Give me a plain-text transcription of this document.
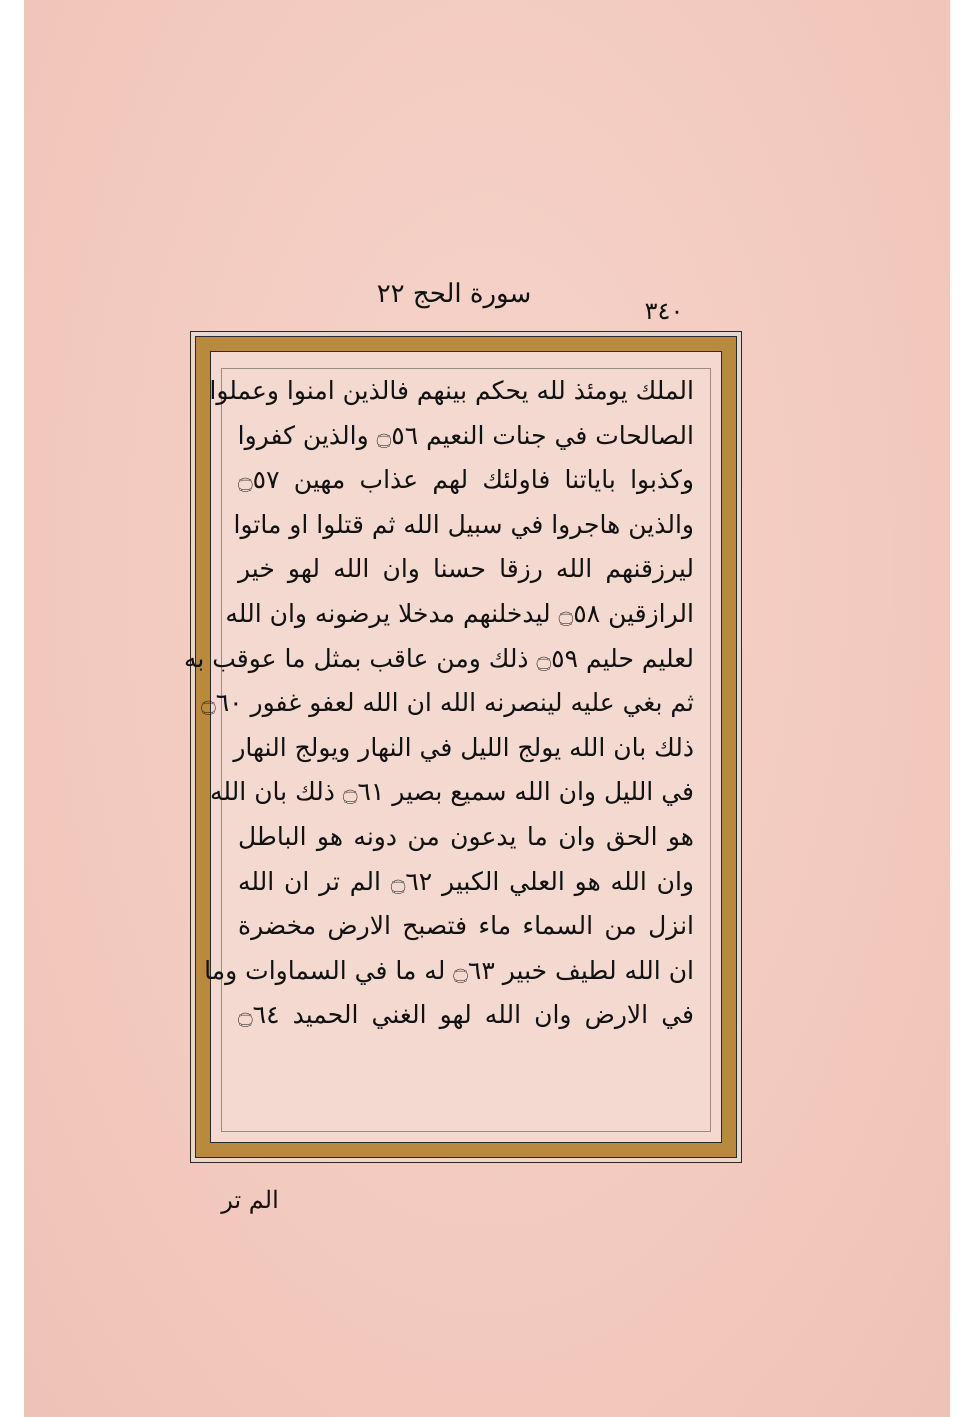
سورة الحج ٢٢
٣٤٠
الملك يومئذ لله يحكم بينهم فالذين امنوا وعملوا
الصالحات في جنات النعيم ۝٥٦ والذين كفروا
وكذبوا باياتنا فاولئك لهم عذاب مهين ۝٥٧
والذين هاجروا في سبيل الله ثم قتلوا او ماتوا
ليرزقنهم الله رزقا حسنا وان الله لهو خير
الرازقين ۝٥٨ ليدخلنهم مدخلا يرضونه وان الله
لعليم حليم ۝٥٩ ذلك ومن عاقب بمثل ما عوقب به
ثم بغي عليه لينصرنه الله ان الله لعفو غفور ۝٦٠
ذلك بان الله يولج الليل في النهار ويولج النهار
في الليل وان الله سميع بصير ۝٦١ ذلك بان الله
هو الحق وان ما يدعون من دونه هو الباطل
وان الله هو العلي الكبير ۝٦٢ الم تر ان الله
انزل من السماء ماء فتصبح الارض مخضرة
ان الله لطيف خبير ۝٦٣ له ما في السماوات وما
في الارض وان الله لهو الغني الحميد ۝٦٤
الم تر
